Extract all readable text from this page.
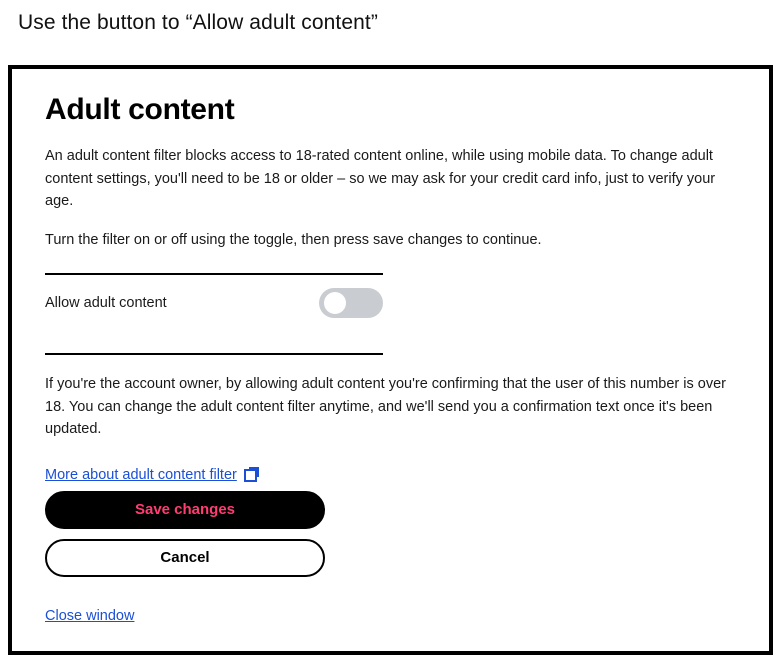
Use the button to “Allow adult content”
Adult content

An adult content filter blocks access to 18-rated content online, while using mobile data. To change adult content settings, you'll need to be 18 or older – so we may ask for your credit card info, just to verify your age.

Turn the filter on or off using the toggle, then press save changes to continue.

Allow adult content

If you're the account owner, by allowing adult content you're confirming that the user of this number is over 18. You can change the adult content filter anytime, and we'll send you a confirmation text once it's been updated.

More about adult content filter
Save changes
Cancel
Close window
